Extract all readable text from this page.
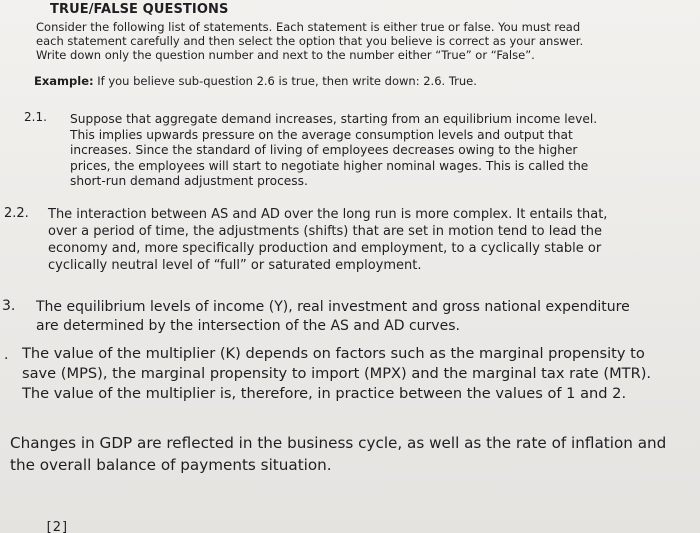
TRUE/FALSE QUESTIONS
Consider the following list of statements. Each statement is either true or false. You must read each statement carefully and then select the option that you believe is correct as your answer. Write down only the question number and next to the number either “True” or “False”.
Example: If you believe sub-question 2.6 is true, then write down: 2.6. True.
2.1. Suppose that aggregate demand increases, starting from an equilibrium income level. This implies upwards pressure on the average consumption levels and output that increases. Since the standard of living of employees decreases owing to the higher prices, the employees will start to negotiate higher nominal wages. This is called the short-run demand adjustment process.
2.2. The interaction between AS and AD over the long run is more complex. It entails that, over a period of time, the adjustments (shifts) that are set in motion tend to lead the economy and, more specifically production and employment, to a cyclically stable or cyclically neutral level of “full” or saturated employment.
3. The equilibrium levels of income (Y), real investment and gross national expenditure are determined by the intersection of the AS and AD curves.
. The value of the multiplier (K) depends on factors such as the marginal propensity to save (MPS), the marginal propensity to import (MPX) and the marginal tax rate (MTR). The value of the multiplier is, therefore, in practice between the values of 1 and 2.
Changes in GDP are reflected in the business cycle, as well as the rate of inflation and the overall balance of payments situation.
_ [2]
